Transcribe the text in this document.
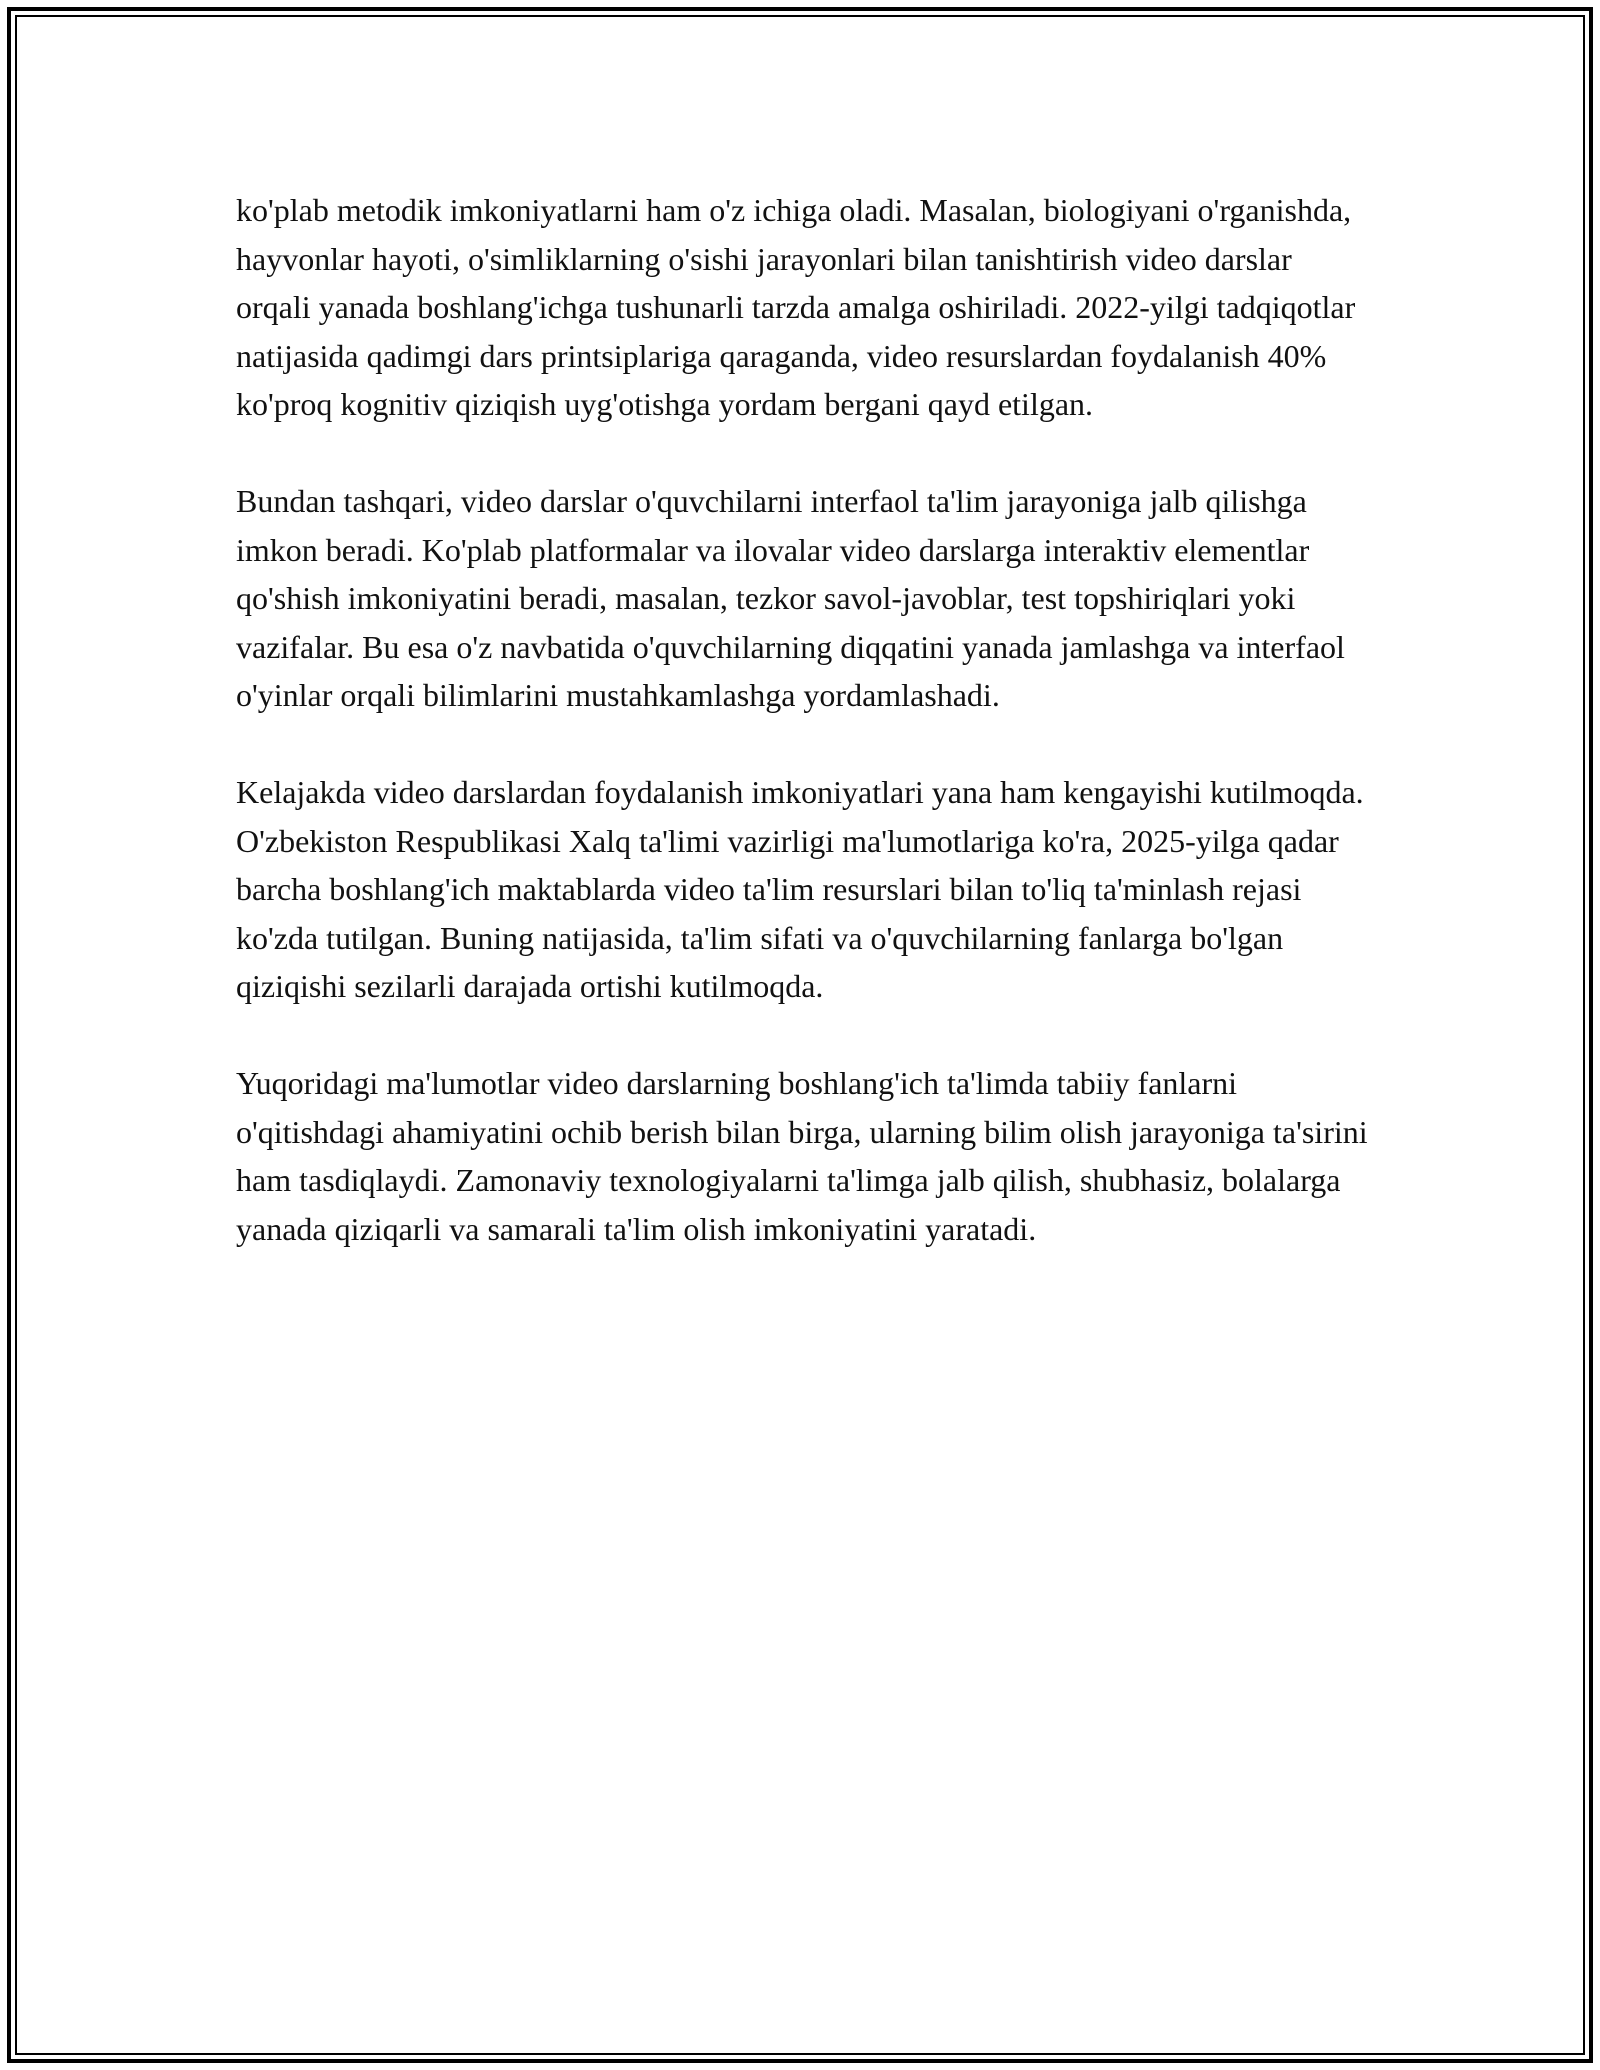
ko'plab metodik imkoniyatlarni ham o'z ichiga oladi. Masalan, biologiyani o'rganishda, hayvonlar hayoti, o'simliklarning o'sishi jarayonlari bilan tanishtirish video darslar orqali yanada boshlang'ichga tushunarli tarzda amalga oshiriladi. 2022-yilgi tadqiqotlar natijasida qadimgi dars printsiplariga qaraganda, video resurslardan foydalanish 40% ko'proq kognitiv qiziqish uyg'otishga yordam bergani qayd etilgan.

Bundan tashqari, video darslar o'quvchilarni interfaol ta'lim jarayoniga jalb qilishga imkon beradi. Ko'plab platformalar va ilovalar video darslarga interaktiv elementlar qo'shish imkoniyatini beradi, masalan, tezkor savol-javoblar, test topshiriqlari yoki vazifalar. Bu esa o'z navbatida o'quvchilarning diqqatini yanada jamlashga va interfaol o'yinlar orqali bilimlarini mustahkamlashga yordamlashadi.

Kelajakda video darslardan foydalanish imkoniyatlari yana ham kengayishi kutilmoqda. O'zbekiston Respublikasi Xalq ta'limi vazirligi ma'lumotlariga ko'ra, 2025-yilga qadar barcha boshlang'ich maktablarda video ta'lim resurslari bilan to'liq ta'minlash rejasi ko'zda tutilgan. Buning natijasida, ta'lim sifati va o'quvchilarning fanlarga bo'lgan qiziqishi sezilarli darajada ortishi kutilmoqda.

Yuqoridagi ma'lumotlar video darslarning boshlang'ich ta'limda tabiiy fanlarni o'qitishdagi ahamiyatini ochib berish bilan birga, ularning bilim olish jarayoniga ta'sirini ham tasdiqlaydi. Zamonaviy texnologiyalarni ta'limga jalb qilish, shubhasiz, bolalarga yanada qiziqarli va samarali ta'lim olish imkoniyatini yaratadi.
